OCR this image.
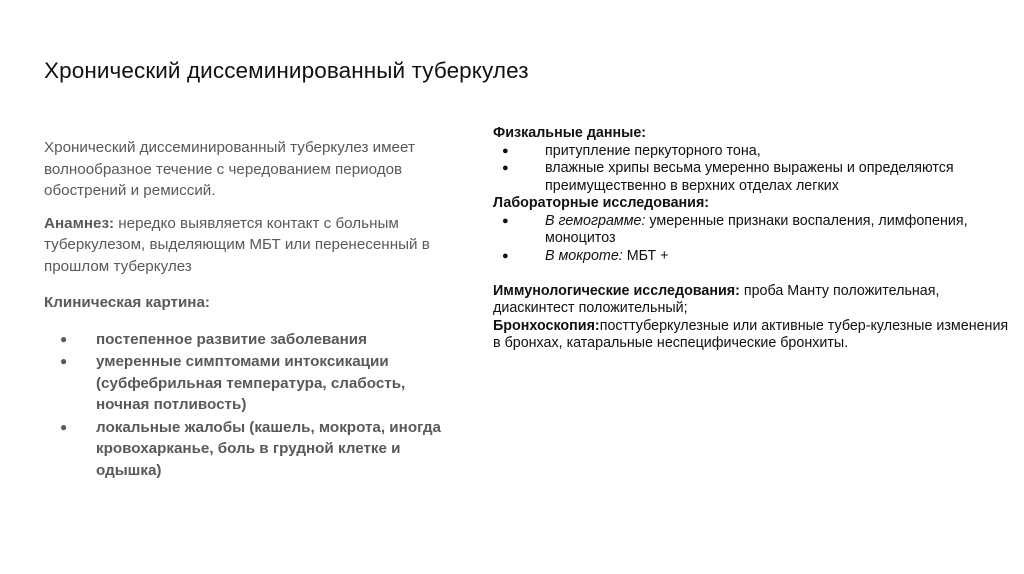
Хронический диссеминированный туберкулез

Хронический диссеминированный туберкулез имеет волнообразное течение с чередованием периодов обострений и ремиссий.

Анамнез: нередко выявляется контакт с больным туберкулезом, выделяющим МБТ или перенесенный в прошлом туберкулез

Клиническая картина:

● постепенное развитие заболевания
● умеренные симптомами интоксикации (субфебрильная температура, слабость, ночная потливость)
● локальные жалобы (кашель, мокрота, иногда кровохарканье, боль в грудной клетке и одышка)

Физкальные данные:

●	притупление перкуторного тона,
●	влажные хрипы весьма умеренно выражены и определяются преимущественно в верхних отделах легких

Лабораторные исследования:

●	В гемограмме: умеренные признаки воспаления, лимфопения, моноцитоз
●	В мокроте: МБТ +

Иммунологические исследования: проба Манту положительная, диаскинтест положительный;

Бронхоскопия:посттуберкулезные или активные тубер-кулезные изменения в бронхах, катаральные неспецифические бронхиты.
